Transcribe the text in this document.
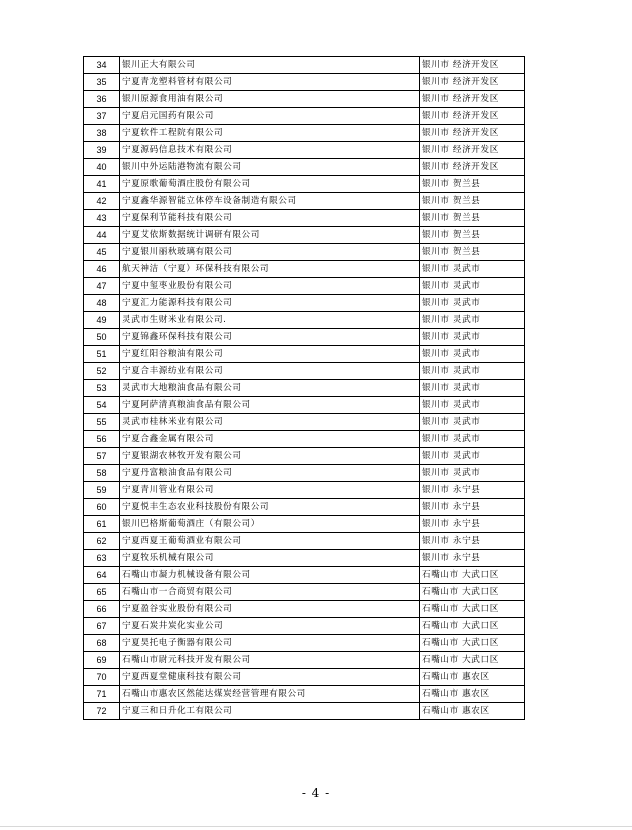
34	银川正大有限公司	银川市 经济开发区
35	宁夏青龙塑料管材有限公司	银川市 经济开发区
36	银川原源食用油有限公司	银川市 经济开发区
37	宁夏启元国药有限公司	银川市 经济开发区
38	宁夏软件工程院有限公司	银川市 经济开发区
39	宁夏源码信息技术有限公司	银川市 经济开发区
40	银川中外运陆港物流有限公司	银川市 经济开发区
41	宁夏原歌葡萄酒庄股份有限公司	银川市 贺兰县
42	宁夏鑫华源智能立体停车设备制造有限公司	银川市 贺兰县
43	宁夏保利节能科技有限公司	银川市 贺兰县
44	宁夏艾依斯数据统计调研有限公司	银川市 贺兰县
45	宁夏银川丽秋玻璃有限公司	银川市 贺兰县
46	航天神洁（宁夏）环保科技有限公司	银川市 灵武市
47	宁夏中玺枣业股份有限公司	银川市 灵武市
48	宁夏汇力能源科技有限公司	银川市 灵武市
49	灵武市生财米业有限公司.	银川市 灵武市
50	宁夏锦鑫环保科技有限公司	银川市 灵武市
51	宁夏红阳谷粮油有限公司	银川市 灵武市
52	宁夏合丰源纺业有限公司	银川市 灵武市
53	灵武市大地粮油食品有限公司	银川市 灵武市
54	宁夏阿萨清真粮油食品有限公司	银川市 灵武市
55	灵武市桂林米业有限公司	银川市 灵武市
56	宁夏合鑫金属有限公司	银川市 灵武市
57	宁夏银湖农林牧开发有限公司	银川市 灵武市
58	宁夏丹富粮油食品有限公司	银川市 灵武市
59	宁夏青川管业有限公司	银川市 永宁县
60	宁夏悦丰生态农业科技股份有限公司	银川市 永宁县
61	银川巴格斯葡萄酒庄（有限公司）	银川市 永宁县
62	宁夏西夏王葡萄酒业有限公司	银川市 永宁县
63	宁夏牧乐机械有限公司	银川市 永宁县
64	石嘴山市凝力机械设备有限公司	石嘴山市 大武口区
65	石嘴山市一合商贸有限公司	石嘴山市 大武口区
66	宁夏盈谷实业股份有限公司	石嘴山市 大武口区
67	宁夏石炭井炭化实业公司	石嘴山市 大武口区
68	宁夏昊托电子衡器有限公司	石嘴山市 大武口区
69	石嘴山市尉元科技开发有限公司	石嘴山市 大武口区
70	宁夏西夏堂健康科技有限公司	石嘴山市 惠农区
71	石嘴山市惠农区然能达煤炭经营管理有限公司	石嘴山市 惠农区
72	宁夏三和日升化工有限公司	石嘴山市 惠农区
- 4 -
